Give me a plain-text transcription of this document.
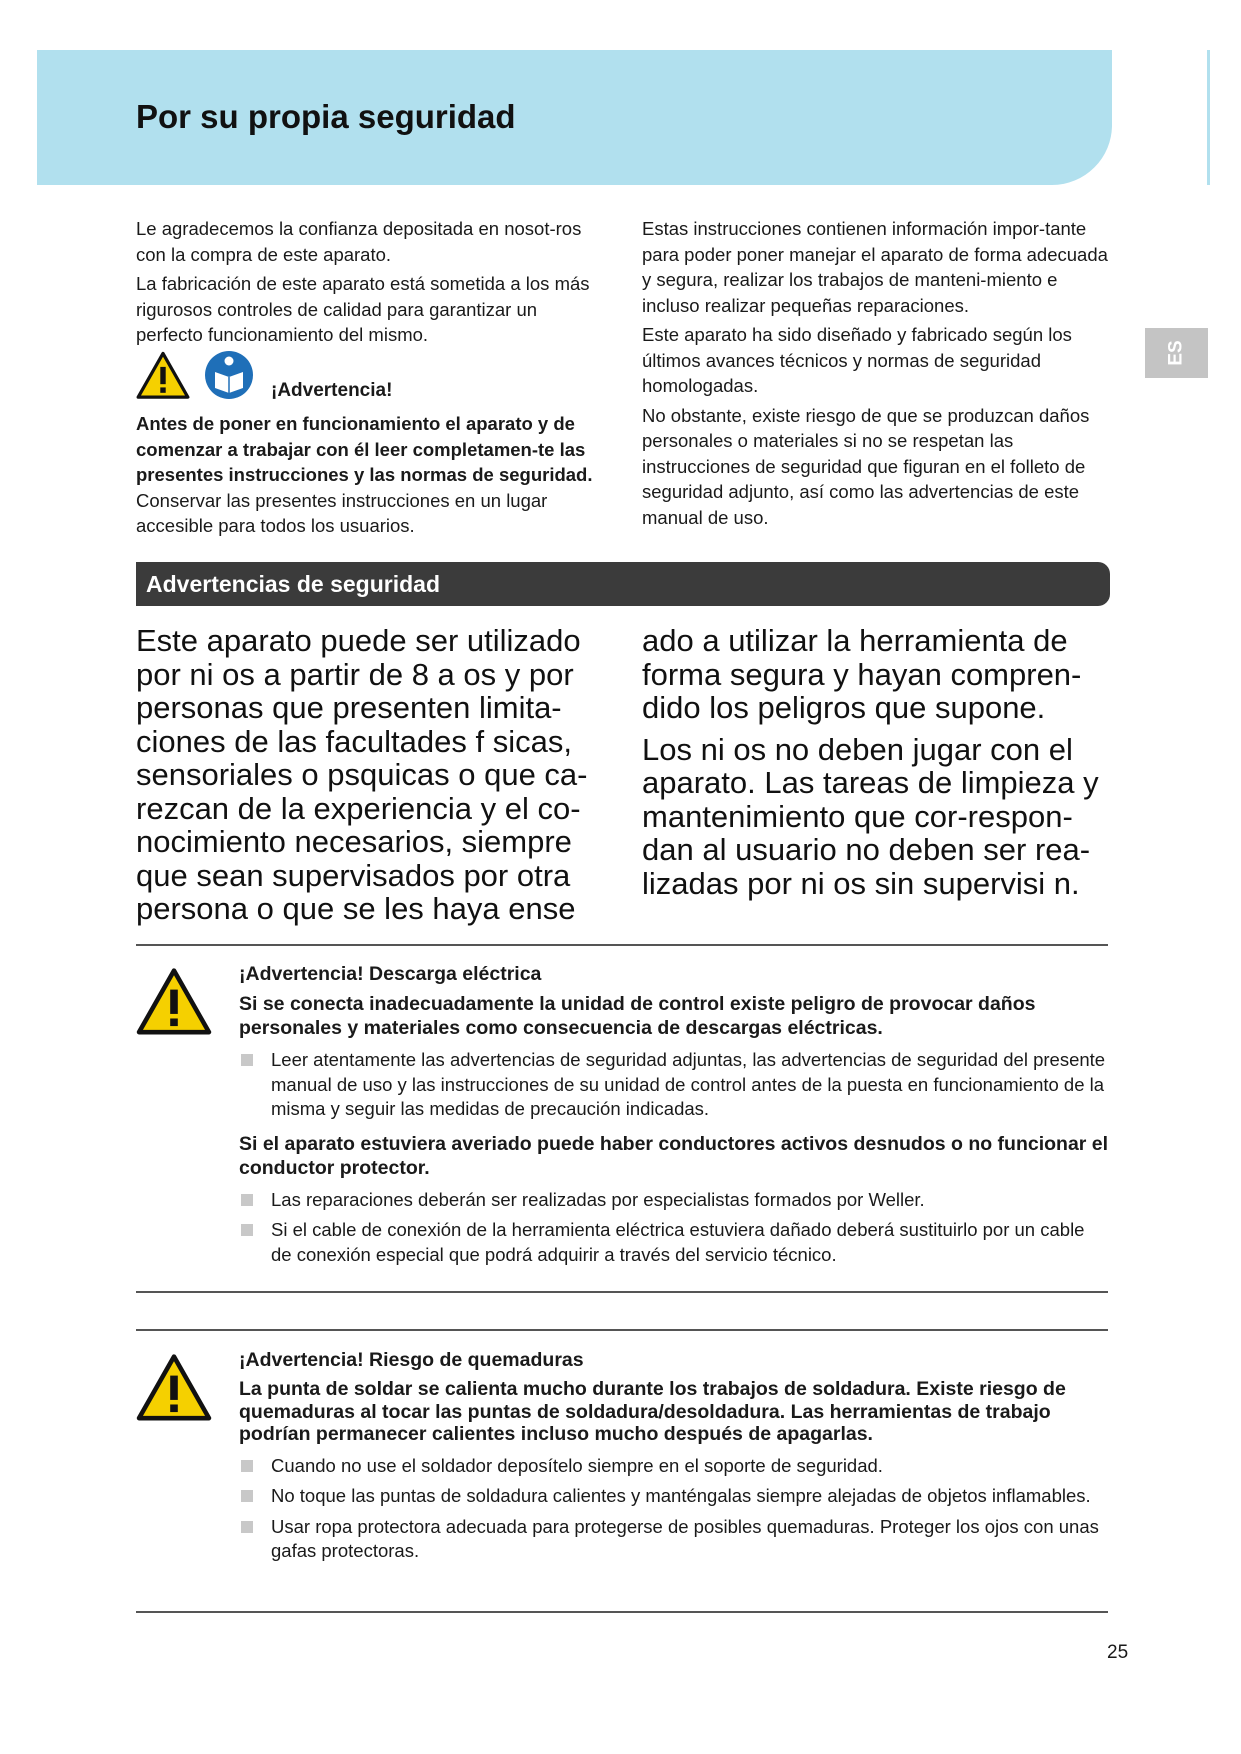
Por su propia seguridad
ES

Le agradecemos la confianza depositada en nosot-ros con la compra de este aparato.

La fabricación de este aparato está sometida a los más rigurosos controles de calidad para garantizar un perfecto funcionamiento del mismo.

¡Advertencia!

Antes de poner en funcionamiento el aparato y de comenzar a trabajar con él leer completamen-te las presentes instrucciones y las normas de seguridad. Conservar las presentes instrucciones en un lugar accesible para todos los usuarios.

Estas instrucciones contienen información impor-tante para poder poner manejar el aparato de forma adecuada y segura, realizar los trabajos de manteni-miento e incluso realizar pequeñas reparaciones.

Este aparato ha sido diseñado y fabricado según los últimos avances técnicos y normas de seguridad homologadas.

No obstante, existe riesgo de que se produzcan daños personales o materiales si no se respetan las instrucciones de seguridad que figuran en el folleto de seguridad adjunto, así como las advertencias de este manual de uso.

Advertencias de seguridad

Este aparato puede ser utilizado por ni os a partir de 8 a os y por personas que presenten limita-ciones de las facultades f sicas, sensoriales o psquicas o que ca-rezcan de la experiencia y el co-nocimiento necesarios, siempre que sean supervisados por otra persona o que se les haya ense

ado a utilizar la herramienta de forma segura y hayan compren-dido los peligros que supone.

Los ni os no deben jugar con el aparato. Las tareas de limpieza y mantenimiento que cor-respon-dan al usuario no deben ser rea-lizadas por ni os sin supervisi n.

¡Advertencia! Descarga eléctrica

Si se conecta inadecuadamente la unidad de control existe peligro de provocar daños personales y materiales como consecuencia de descargas eléctricas.

Leer atentamente las advertencias de seguridad adjuntas, las advertencias de seguridad del presente manual de uso y las instrucciones de su unidad de control antes de la puesta en funcionamiento de la misma y seguir las medidas de precaución indicadas.

Si el aparato estuviera averiado puede haber conductores activos desnudos o no funcionar el conductor protector.

Las reparaciones deberán ser realizadas por especialistas formados por Weller.
Si el cable de conexión de la herramienta eléctrica estuviera dañado deberá sustituirlo por un cable de conexión especial que podrá adquirir a través del servicio técnico.

¡Advertencia! Riesgo de quemaduras

La punta de soldar se calienta mucho durante los trabajos de soldadura. Existe riesgo de quemaduras al tocar las puntas de soldadura/desoldadura. Las herramientas de trabajo podrían permanecer calientes incluso mucho después de apagarlas.

Cuando no use el soldador deposítelo siempre en el soporte de seguridad.
No toque las puntas de soldadura calientes y manténgalas siempre alejadas de objetos inflamables.
Usar ropa protectora adecuada para protegerse de posibles quemaduras. Proteger los ojos con unas gafas protectoras.
25
